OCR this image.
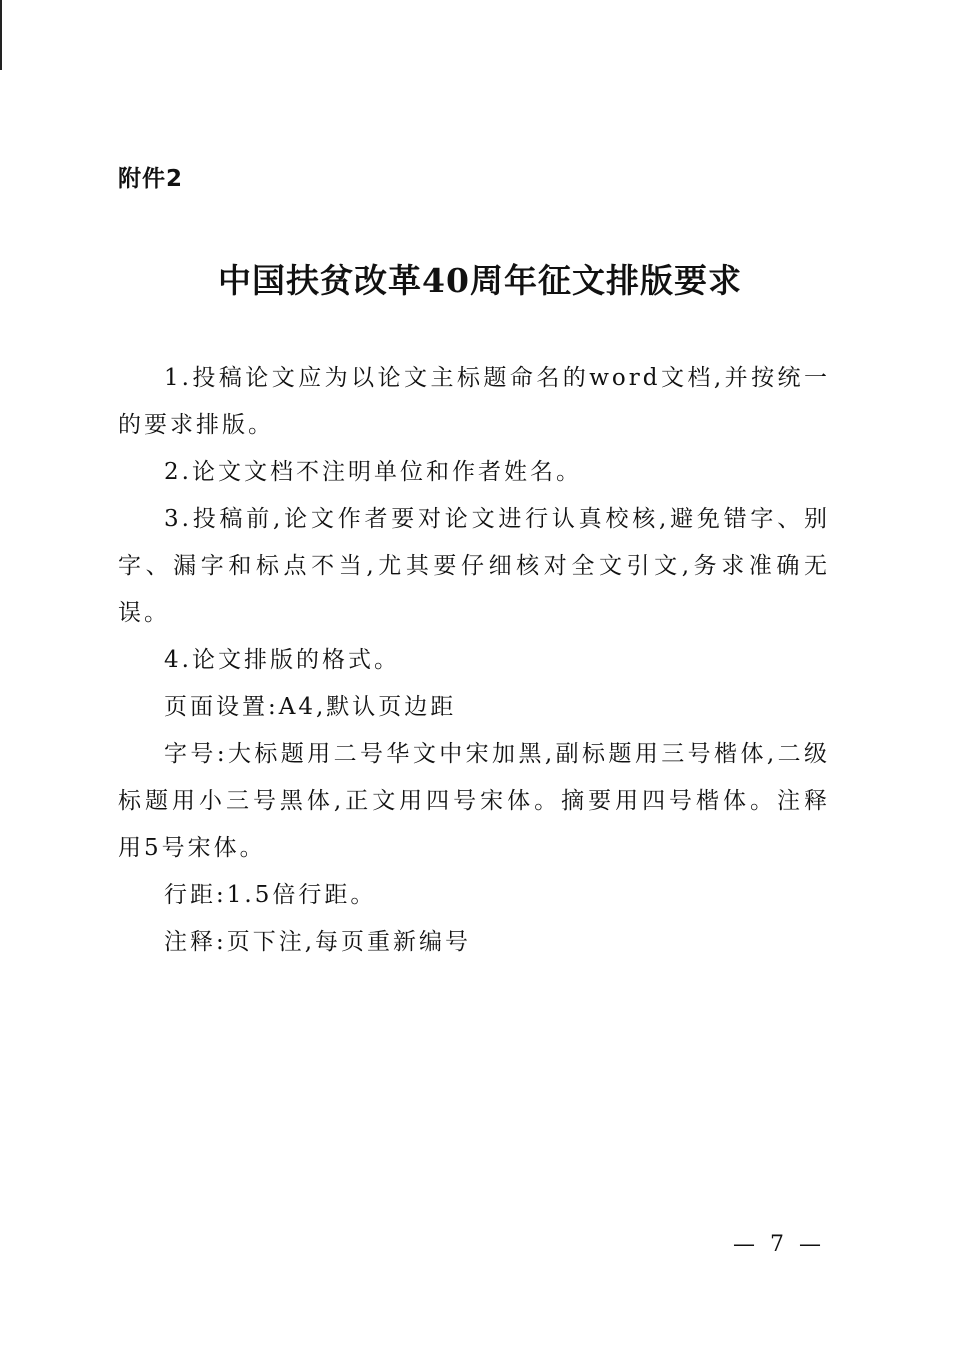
附件2
中国扶贫改革40周年征文排版要求

1.投稿论文应为以论文主标题命名的word文档,并按统一的要求排版。

2.论文文档不注明单位和作者姓名。

3.投稿前,论文作者要对论文进行认真校核,避免错字、别字、漏字和标点不当,尤其要仔细核对全文引文,务求准确无误。

4.论文排版的格式。

页面设置:A4,默认页边距

字号:大标题用二号华文中宋加黑,副标题用三号楷体,二级标题用小三号黑体,正文用四号宋体。摘要用四号楷体。注释用5号宋体。

行距:1.5倍行距。

注释:页下注,每页重新编号

— 7 —
